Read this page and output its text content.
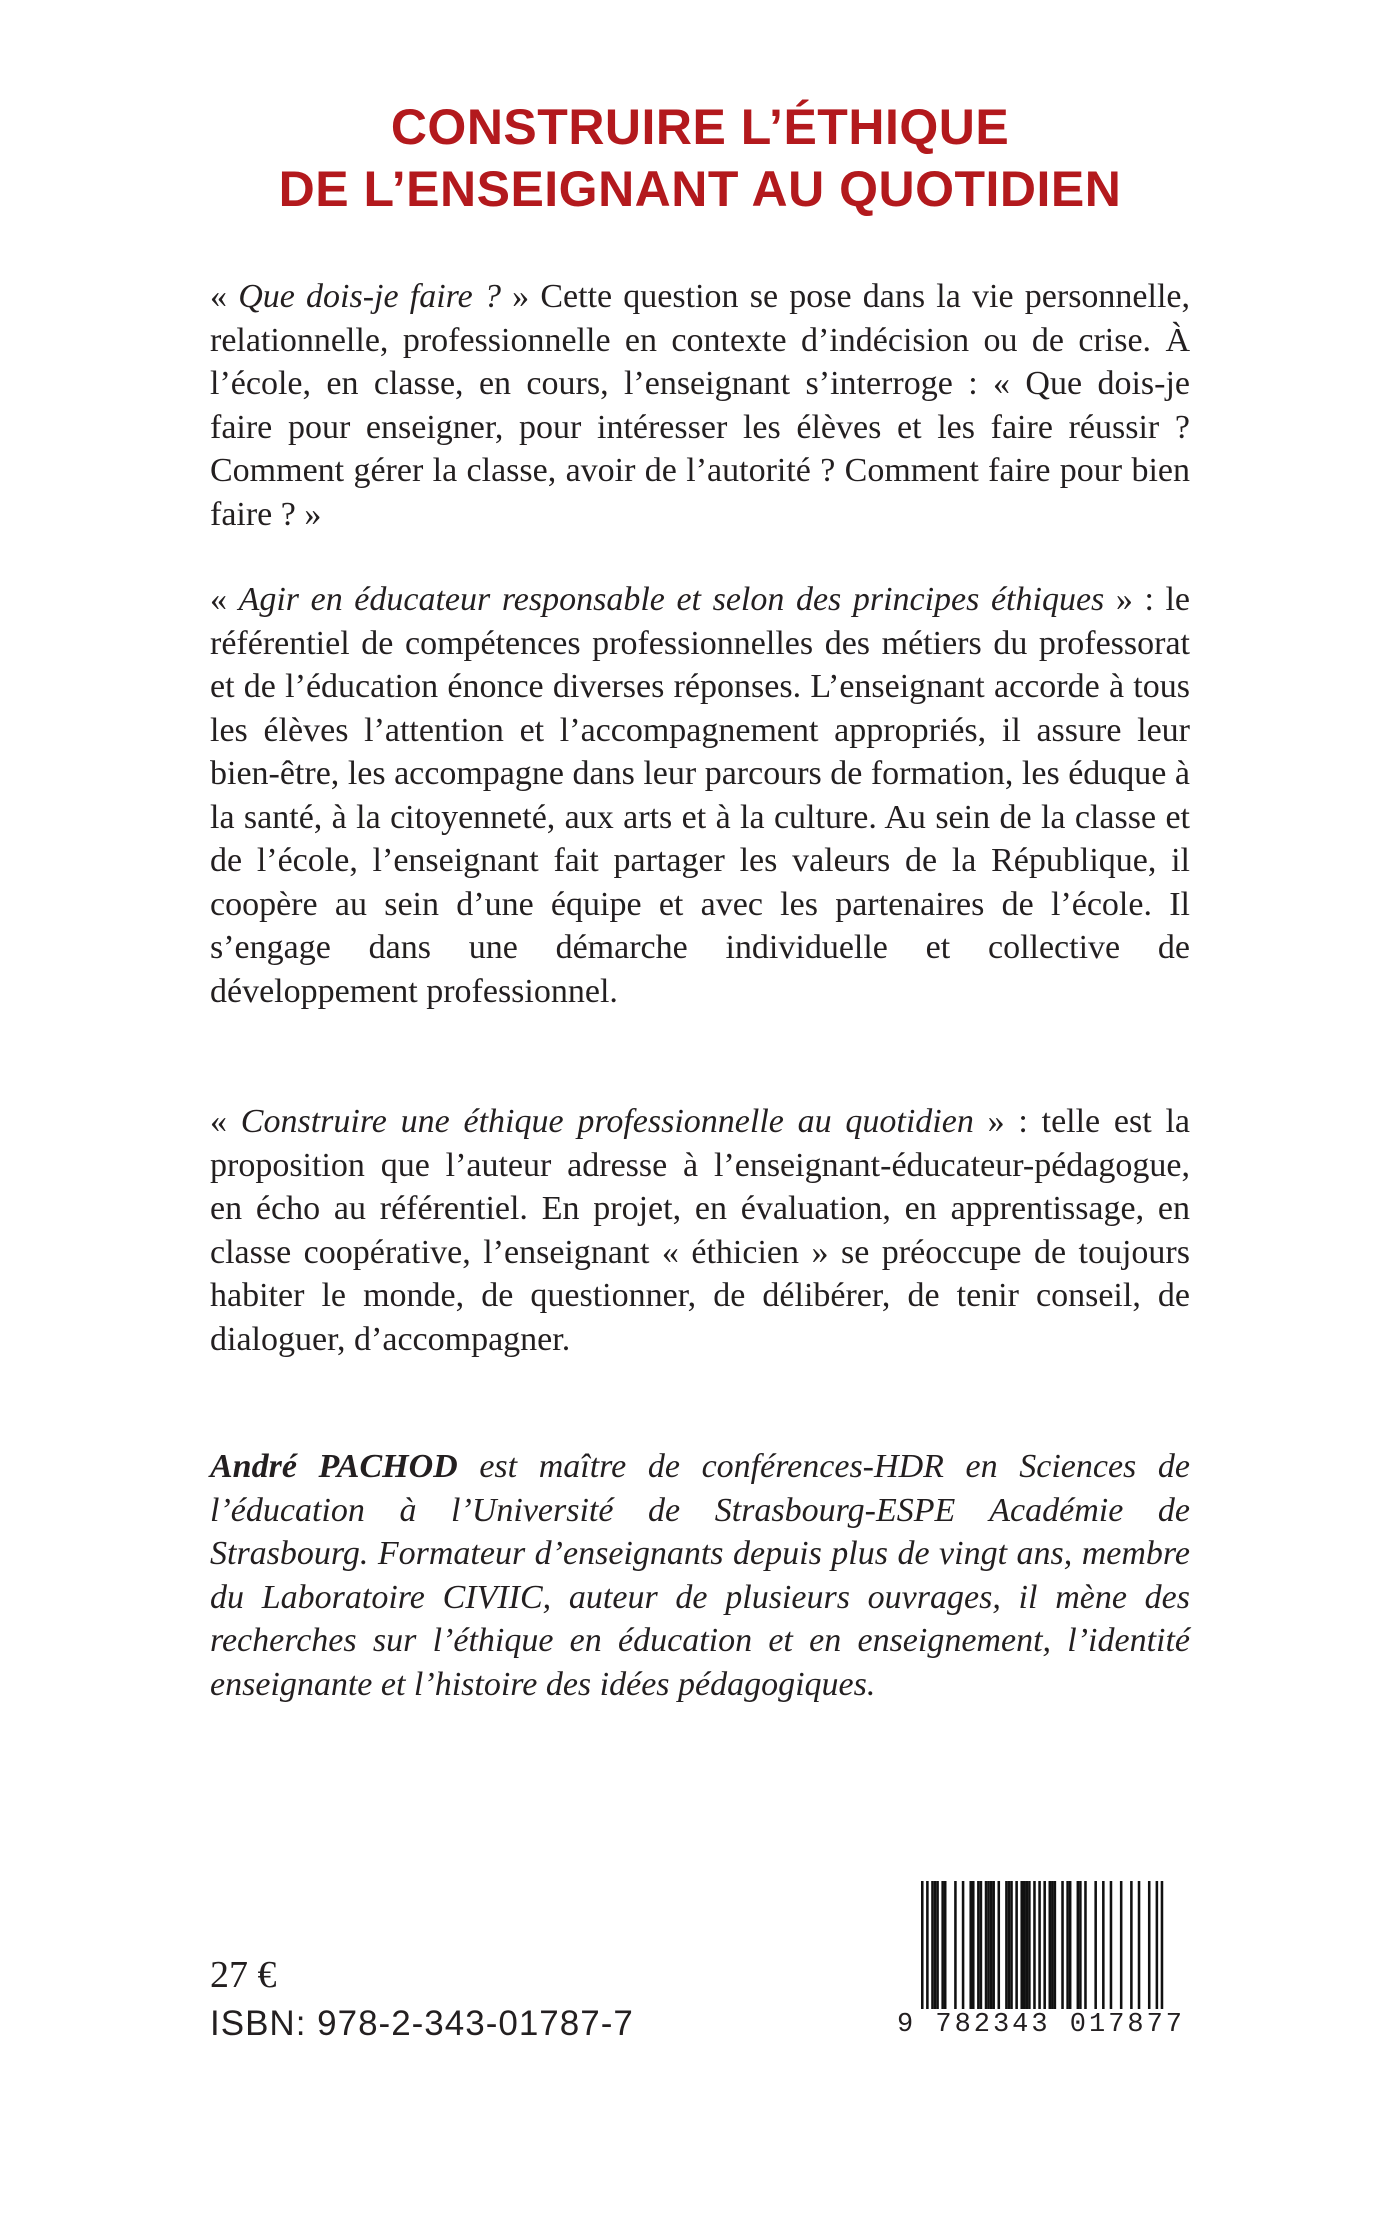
CONSTRUIRE L’ÉTHIQUE
DE L’ENSEIGNANT AU QUOTIDIEN

« Que dois-je faire ? » Cette question se pose dans la vie personnelle, relationnelle, professionnelle en contexte d’indécision ou de crise. À l’école, en classe, en cours, l’enseignant s’interroge : « Que dois-je faire pour enseigner, pour intéresser les élèves et les faire réussir ? Comment gérer la classe, avoir de l’autorité ? Comment faire pour bien faire ? »

« Agir en éducateur responsable et selon des principes éthiques » : le référentiel de compétences professionnelles des métiers du professorat et de l’éducation énonce diverses réponses. L’enseignant accorde à tous les élèves l’attention et l’accompagnement appropriés, il assure leur bien-être, les accompagne dans leur parcours de formation, les éduque à la santé, à la citoyenneté, aux arts et à la culture. Au sein de la classe et de l’école, l’enseignant fait partager les valeurs de la République, il coopère au sein d’une équipe et avec les partenaires de l’école. Il s’engage dans une démarche individuelle et collective de développement professionnel.

« Construire une éthique professionnelle au quotidien » : telle est la proposition que l’auteur adresse à l’enseignant-éducateur-pédagogue, en écho au référentiel. En projet, en évaluation, en apprentissage, en classe coopérative, l’enseignant « éthicien » se préoccupe de toujours habiter le monde, de questionner, de délibérer, de tenir conseil, de dialoguer, d’accompagner.

André PACHOD est maître de conférences-HDR en Sciences de l’éducation à l’Université de Strasbourg-ESPE Académie de Strasbourg. Formateur d’enseignants depuis plus de vingt ans, membre du Laboratoire CIVIIC, auteur de plusieurs ouvrages, il mène des recherches sur l’éthique en éducation et en enseignement, l’identité enseignante et l’histoire des idées pédagogiques.

27 €
ISBN: 978-2-343-01787-7	9 782343 017877
